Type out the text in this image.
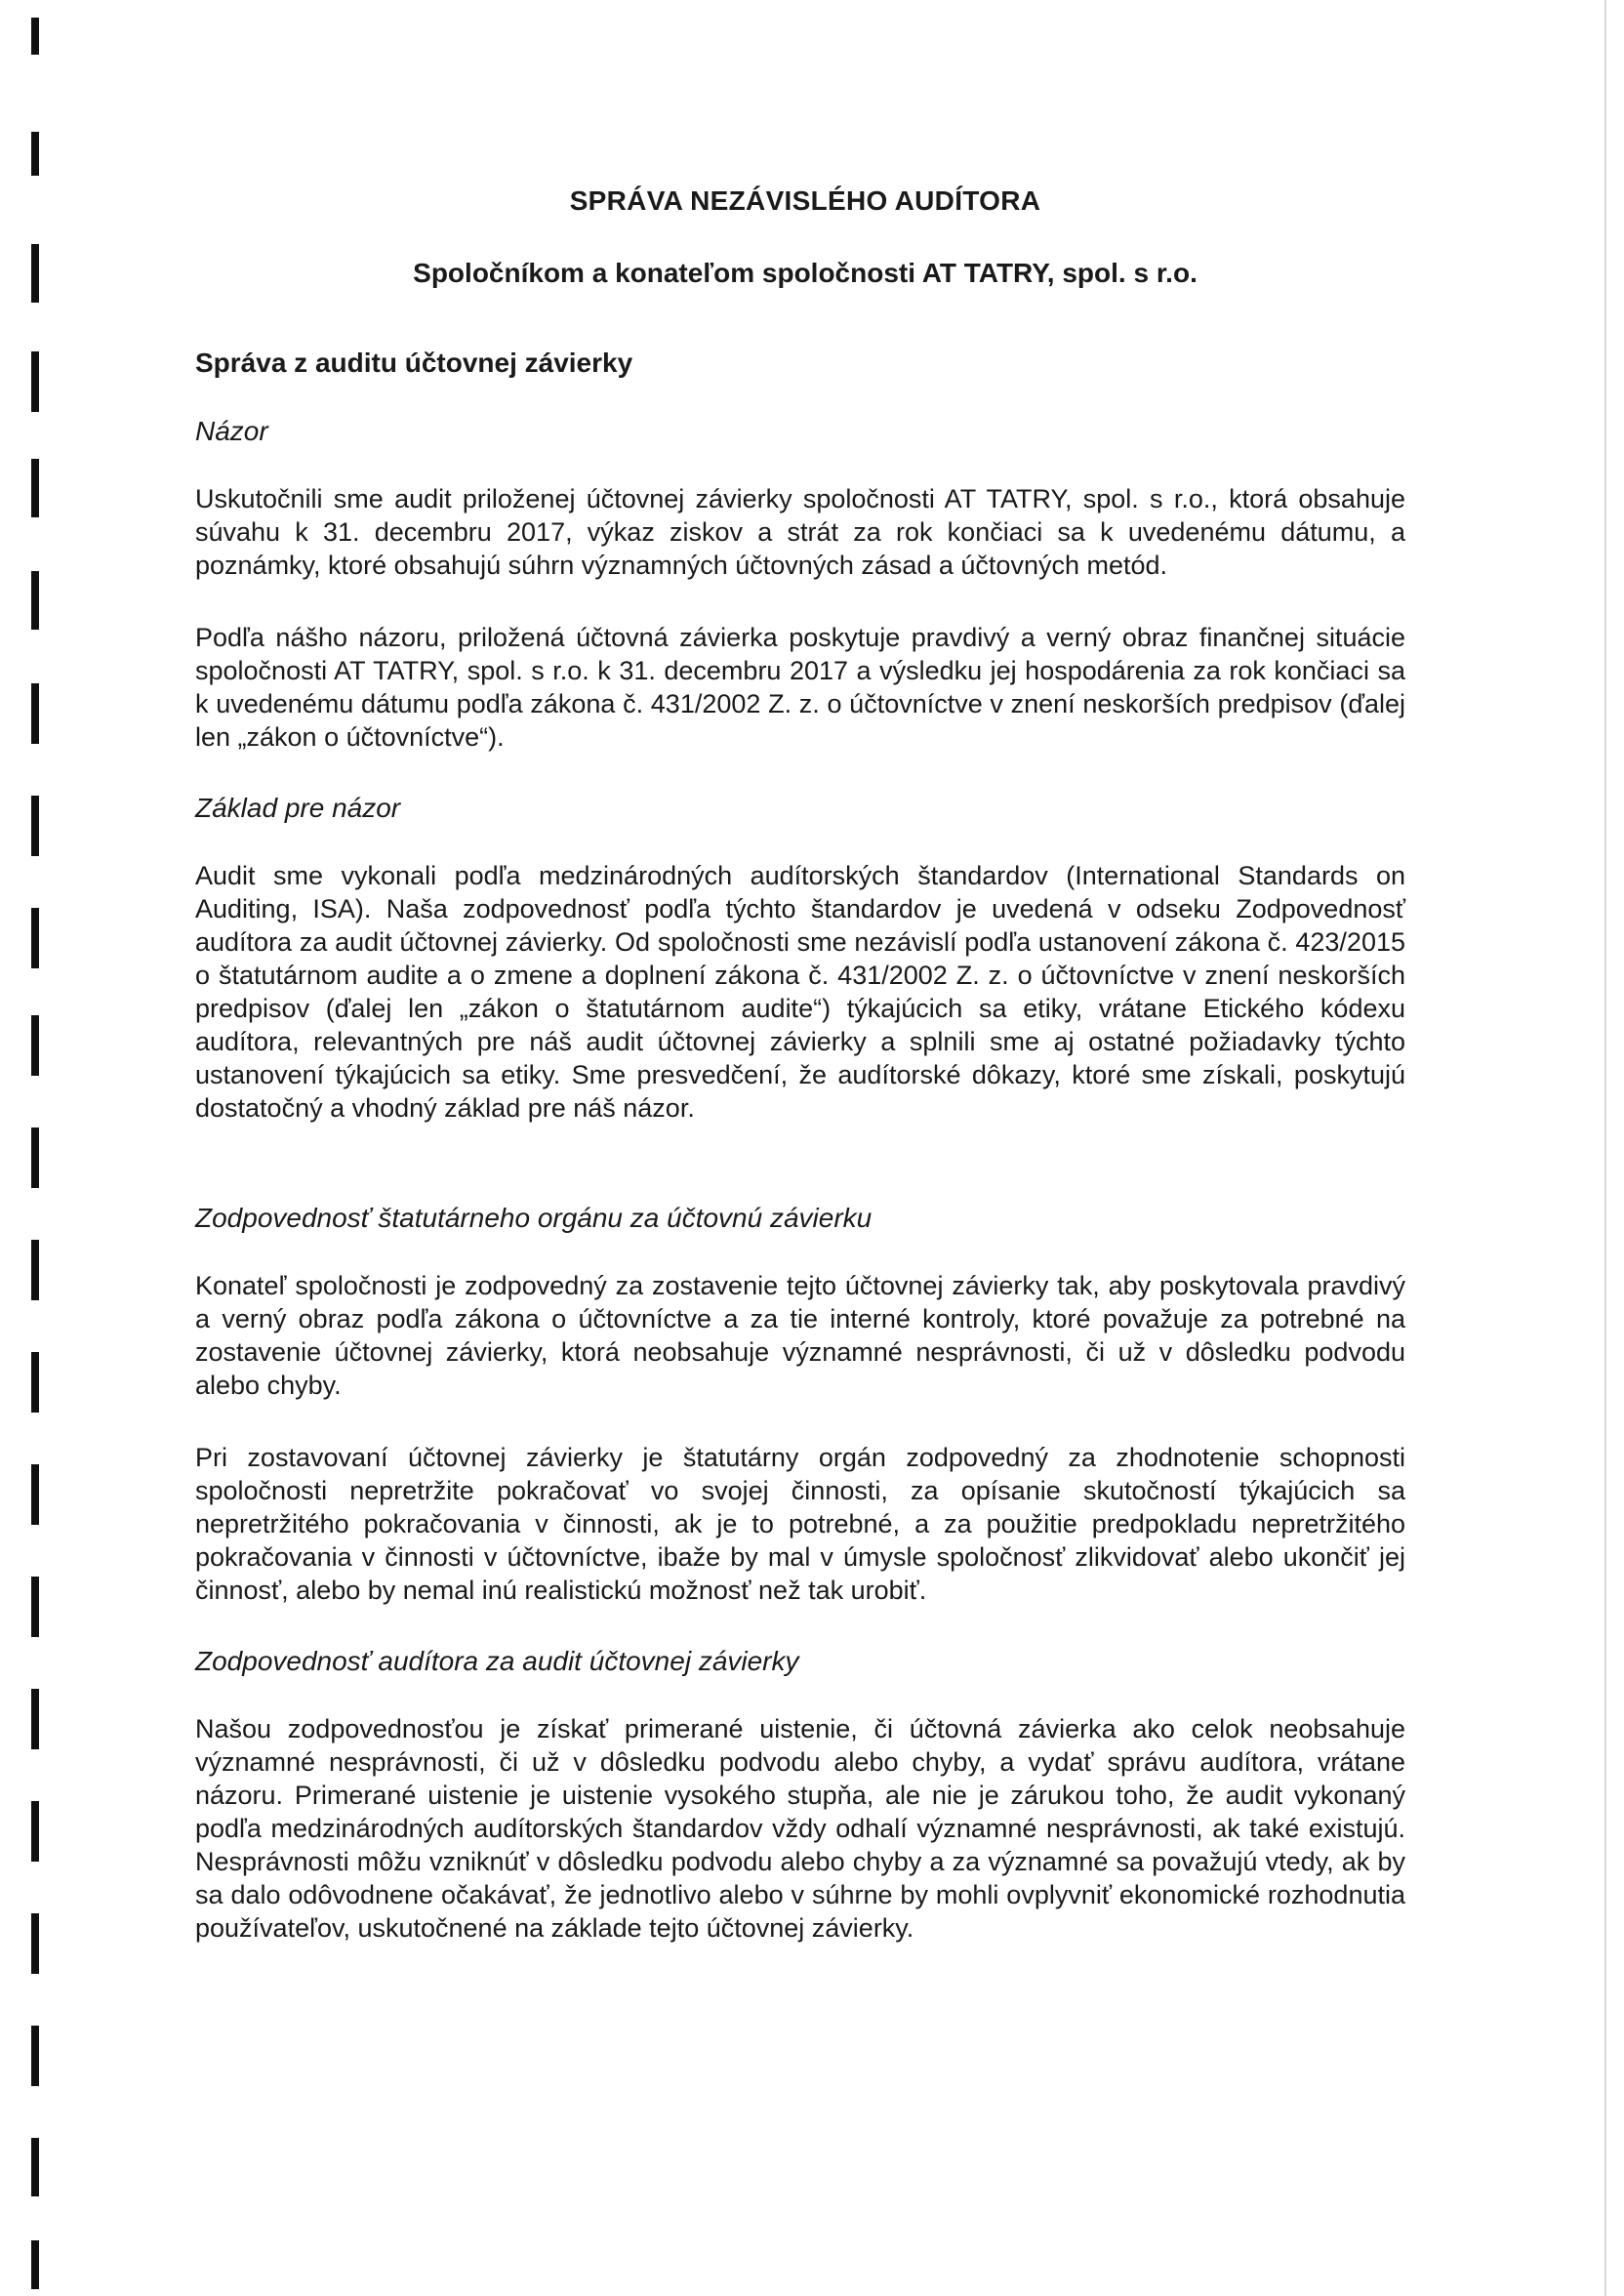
SPRÁVA NEZÁVISLÉHO AUDÍTORA
Spoločníkom a konateľom spoločnosti AT TATRY, spol. s r.o.
Správa z auditu účtovnej závierky
Názor

Uskutočnili sme audit priloženej účtovnej závierky spoločnosti AT TATRY, spol. s r.o., ktorá obsahuje súvahu k 31. decembru 2017, výkaz ziskov a strát za rok končiaci sa k uvedenému dátumu, a poznámky, ktoré obsahujú súhrn významných účtovných zásad a účtovných metód.

Podľa nášho názoru, priložená účtovná závierka poskytuje pravdivý a verný obraz finančnej situácie spoločnosti AT TATRY, spol. s r.o. k 31. decembru 2017 a výsledku jej hospodárenia za rok končiaci sa k uvedenému dátumu podľa zákona č. 431/2002 Z. z. o účtovníctve v znení neskorších predpisov (ďalej len „zákon o účtovníctve“).

Základ pre názor

Audit sme vykonali podľa medzinárodných audítorských štandardov (International Standards on Auditing, ISA). Naša zodpovednosť podľa týchto štandardov je uvedená v odseku Zodpovednosť audítora za audit účtovnej závierky. Od spoločnosti sme nezávislí podľa ustanovení zákona č. 423/2015 o štatutárnom audite a o zmene a doplnení zákona č. 431/2002 Z. z. o účtovníctve v znení neskorších predpisov (ďalej len „zákon o štatutárnom audite“) týkajúcich sa etiky, vrátane Etického kódexu audítora, relevantných pre náš audit účtovnej závierky a splnili sme aj ostatné požiadavky týchto ustanovení týkajúcich sa etiky. Sme presvedčení, že audítorské dôkazy, ktoré sme získali, poskytujú dostatočný a vhodný základ pre náš názor.

Zodpovednosť štatutárneho orgánu za účtovnú závierku

Konateľ spoločnosti je zodpovedný za zostavenie tejto účtovnej závierky tak, aby poskytovala pravdivý a verný obraz podľa zákona o účtovníctve a za tie interné kontroly, ktoré považuje za potrebné na zostavenie účtovnej závierky, ktorá neobsahuje významné nesprávnosti, či už v dôsledku podvodu alebo chyby.

Pri zostavovaní účtovnej závierky je štatutárny orgán zodpovedný za zhodnotenie schopnosti spoločnosti nepretržite pokračovať vo svojej činnosti, za opísanie skutočností týkajúcich sa nepretržitého pokračovania v činnosti, ak je to potrebné, a za použitie predpokladu nepretržitého pokračovania v činnosti v účtovníctve, ibaže by mal v úmysle spoločnosť zlikvidovať alebo ukončiť jej činnosť, alebo by nemal inú realistickú možnosť než tak urobiť.

Zodpovednosť audítora za audit účtovnej závierky

Našou zodpovednosťou je získať primerané uistenie, či účtovná závierka ako celok neobsahuje významné nesprávnosti, či už v dôsledku podvodu alebo chyby, a vydať správu audítora, vrátane názoru. Primerané uistenie je uistenie vysokého stupňa, ale nie je zárukou toho, že audit vykonaný podľa medzinárodných audítorských štandardov vždy odhalí významné nesprávnosti, ak také existujú. Nesprávnosti môžu vzniknúť v dôsledku podvodu alebo chyby a za významné sa považujú vtedy, ak by sa dalo odôvodnene očakávať, že jednotlivo alebo v súhrne by mohli ovplyvniť ekonomické rozhodnutia používateľov, uskutočnené na základe tejto účtovnej závierky.
